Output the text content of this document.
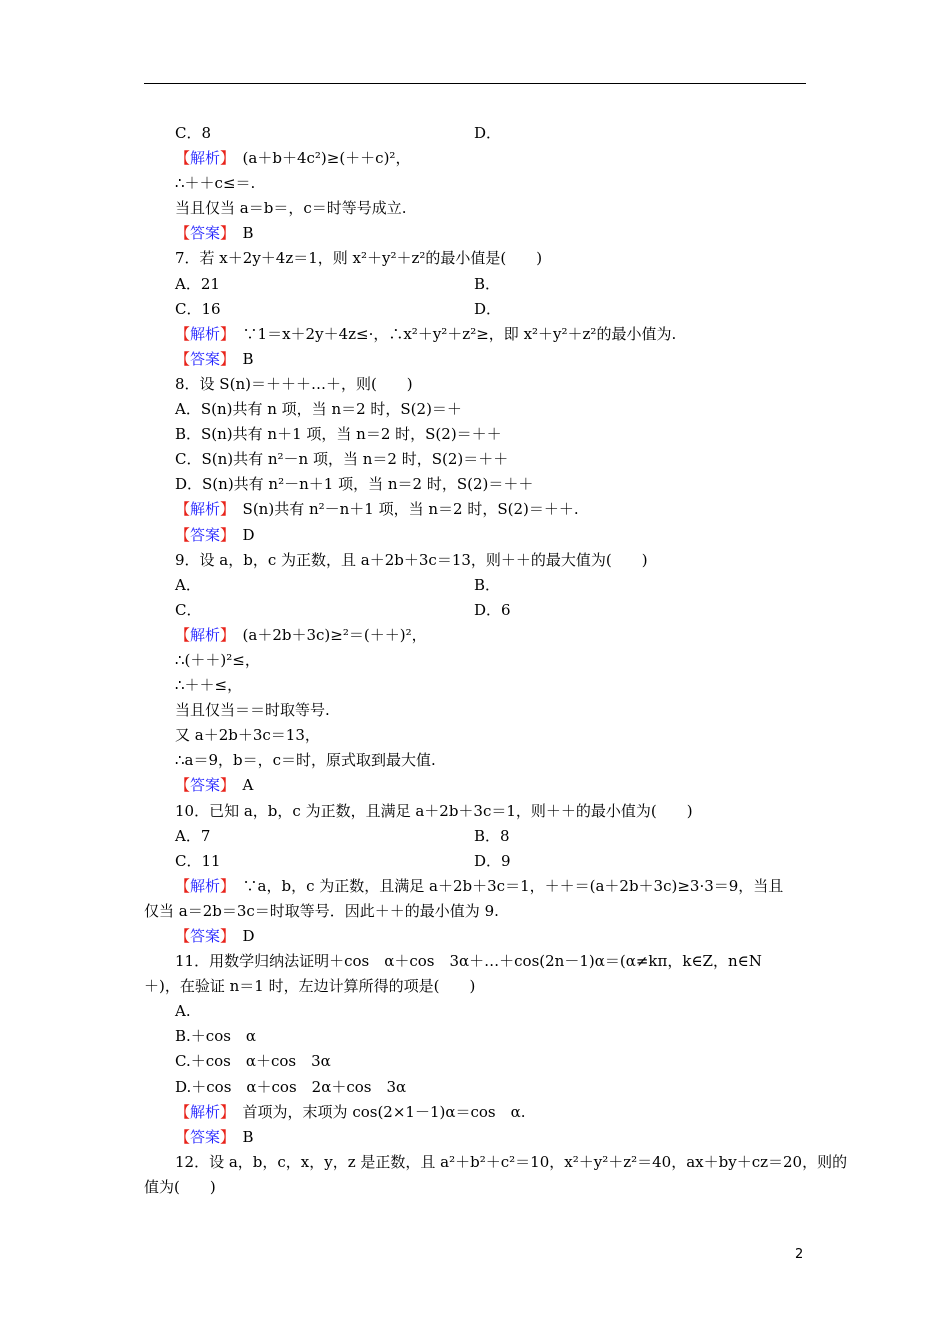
C．8	D．
【解析】　(a＋b＋4c²)≥(＋＋c)²，
∴＋＋c≤＝.
当且仅当 a＝b＝，c＝时等号成立.
【答案】　B
7．若 x＋2y＋4z＝1，则 x²＋y²＋z²的最小值是(　　)
A．21	B．
C．16	D．
【解析】　∵1＝x＋2y＋4z≤·，∴x²＋y²＋z²≥，即 x²＋y²＋z²的最小值为.
【答案】　B
8．设 S(n)＝＋＋＋…＋，则(　　)
A．S(n)共有 n 项，当 n＝2 时，S(2)＝＋
B．S(n)共有 n＋1 项，当 n＝2 时，S(2)＝＋＋
C．S(n)共有 n²－n 项，当 n＝2 时，S(2)＝＋＋
D．S(n)共有 n²－n＋1 项，当 n＝2 时，S(2)＝＋＋
【解析】　S(n)共有 n²－n＋1 项，当 n＝2 时，S(2)＝＋＋.
【答案】　D
9．设 a，b，c 为正数，且 a＋2b＋3c＝13，则＋＋的最大值为(　　)
A．	B．
C．	D．6
【解析】　(a＋2b＋3c)≥²＝(＋＋)²，
∴(＋＋)²≤，
∴＋＋≤，
当且仅当＝＝时取等号.
又 a＋2b＋3c＝13，
∴a＝9，b＝，c＝时，原式取到最大值.
【答案】　A
10．已知 a，b，c 为正数，且满足 a＋2b＋3c＝1，则＋＋的最小值为(　　)
A．7	B．8
C．11	D．9
【解析】　∵a，b，c 为正数，且满足 a＋2b＋3c＝1，＋＋＝(a＋2b＋3c)≥3·3＝9，当且
仅当 a＝2b＝3c＝时取等号．因此＋＋的最小值为 9.
【答案】　D
11．用数学归纳法证明＋cos　α＋cos　3α＋…＋cos(2n－1)α＝(α≠kπ，k∈Z，n∈N
＋)，在验证 n＝1 时，左边计算所得的项是(　　)
A.
B.＋cos　α
C.＋cos　α＋cos　3α
D.＋cos　α＋cos　2α＋cos　3α
【解析】　首项为，末项为 cos(2×1－1)α＝cos　α.
【答案】　B
12．设 a，b，c，x，y，z 是正数，且 a²＋b²＋c²＝10，x²＋y²＋z²＝40，ax＋by＋cz＝20，则的
值为(　　)
2
